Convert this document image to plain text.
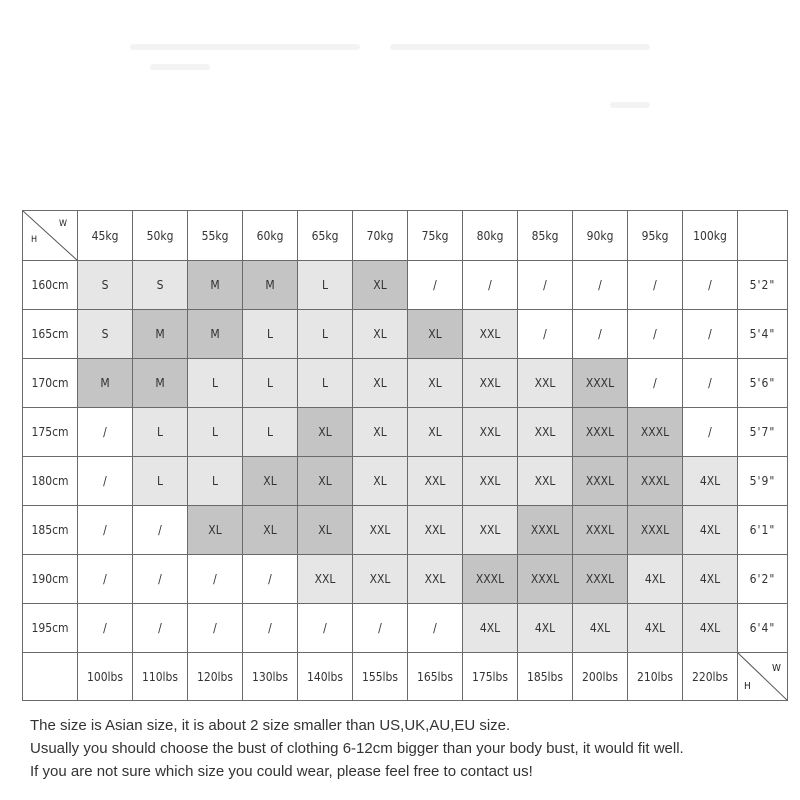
H
W	45kg	50kg	55kg	60kg	65kg	70kg	75kg	80kg	85kg	90kg	95kg	100kg	
160cm	S	S	M	M	L	XL	/	/	/	/	/	/	5'2"
165cm	S	M	M	L	L	XL	XL	XXL	/	/	/	/	5'4"
170cm	M	M	L	L	L	XL	XL	XXL	XXL	XXXL	/	/	5'6"
175cm	/	L	L	L	XL	XL	XL	XXL	XXL	XXXL	XXXL	/	5'7"
180cm	/	L	L	XL	XL	XL	XXL	XXL	XXL	XXXL	XXXL	4XL	5'9"
185cm	/	/	XL	XL	XL	XXL	XXL	XXL	XXXL	XXXL	XXXL	4XL	6'1"
190cm	/	/	/	/	XXL	XXL	XXL	XXXL	XXXL	XXXL	4XL	4XL	6'2"
195cm	/	/	/	/	/	/	/	4XL	4XL	4XL	4XL	4XL	6'4"
	100lbs	110lbs	120lbs	130lbs	140lbs	155lbs	165lbs	175lbs	185lbs	200lbs	210lbs	220lbs	H
W

The size is Asian size, it is about 2 size smaller than US,UK,AU,EU size.

Usually you should choose the bust of clothing 6-12cm bigger than your body bust, it would fit well.

If you are not sure which size you could wear, please feel free to contact us!
